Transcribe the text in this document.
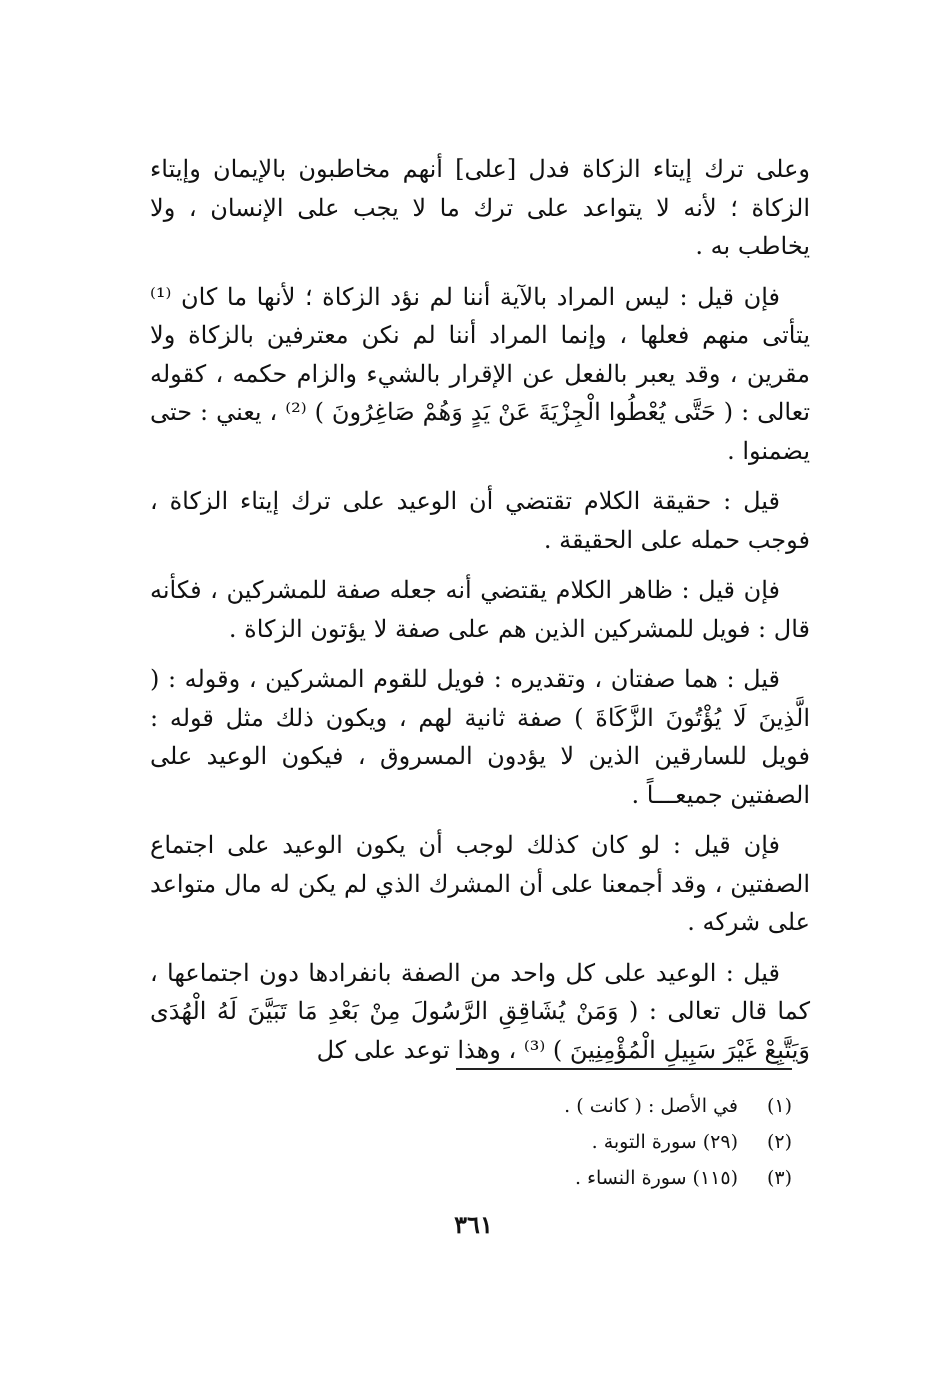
وعلى ترك إيتاء الزكاة فدل [على] أنهم مخاطبون بالإيمان وإيتاء الزكاة ؛ لأنه لا يتواعد على ترك ما لا يجب على الإنسان ، ولا يخاطب به .

فإن قيل : ليس المراد بالآية أننا لم نؤد الزكاة ؛ لأنها ما كان ⁽¹⁾ يتأتى منهم فعلها ، وإنما المراد أننا لم نكن معترفين بالزكاة ولا مقرين ، وقد يعبر بالفعل عن الإقرار بالشيء والزام حكمه ، كقوله تعالى : ( حَتَّى يُعْطُوا الْجِزْيَةَ عَنْ يَدٍ وَهُمْ صَاغِرُونَ ) ⁽²⁾ ، يعني : حتى يضمنوا .

قيل : حقيقة الكلام تقتضي أن الوعيد على ترك إيتاء الزكاة ، فوجب حمله على الحقيقة .

فإن قيل : ظاهر الكلام يقتضي أنه جعله صفة للمشركين ، فكأنه قال : فويل للمشركين الذين هم على صفة لا يؤتون الزكاة .

قيل : هما صفتان ، وتقديره : فويل للقوم المشركين ، وقوله : ( الَّذِينَ لَا يُؤْتُونَ الزَّكَاةَ ) صفة ثانية لهم ، ويكون ذلك مثل قوله : فويل للسارقين الذين لا يؤدون المسروق ، فيكون الوعيد على الصفتين جميعـــاً .

فإن قيل : لو كان كذلك لوجب أن يكون الوعيد على اجتماع الصفتين ، وقد أجمعنا على أن المشرك الذي لم يكن له مال متواعد على شركه .

قيل : الوعيد على كل واحد من الصفة بانفرادها دون اجتماعها ، كما قال تعالى : ( وَمَنْ يُشَاقِقِ الرَّسُولَ مِنْ بَعْدِ مَا تَبَيَّنَ لَهُ الْهُدَى وَيَتَّبِعْ غَيْرَ سَبِيلِ الْمُؤْمِنِينَ ) ⁽³⁾ ، وهذا توعد على كل

(١)
في الأصل : ( كانت ) .
(٢)
(٢٩) سورة التوبة .
(٣)
(١١٥) سورة النساء .
٣٦١
